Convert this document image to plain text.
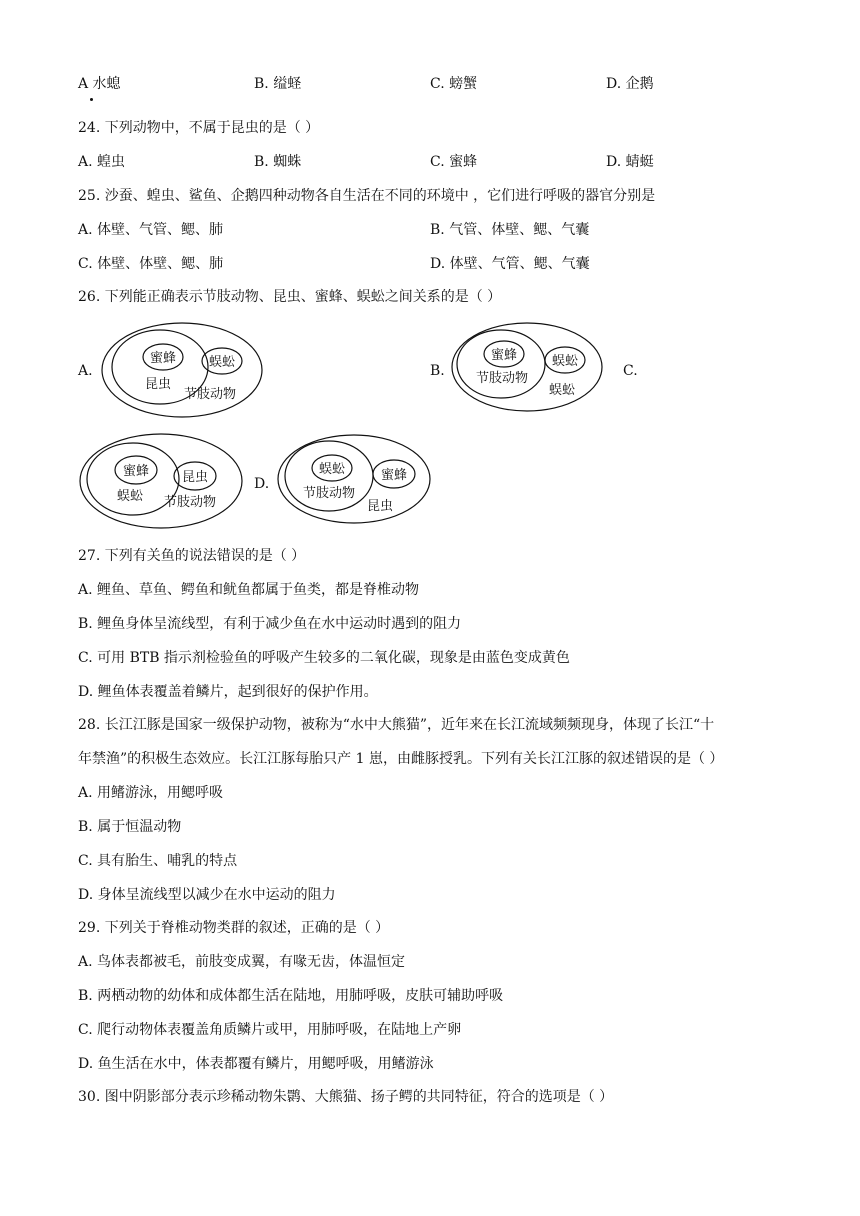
A 水螅	B. 缢蛏	C. 螃蟹	D. 企鹅
24. 下列动物中，不属于昆虫的是（ ）
A. 蝗虫	B. 蜘蛛	C. 蜜蜂	D. 蜻蜓
25. 沙蚕、蝗虫、鲨鱼、企鹅四种动物各自生活在不同的环境中 ，它们进行呼吸的器官分别是
A. 体壁、气管、鳃、肺	B. 气管、体壁、鳃、气囊
C. 体壁、体壁、鳃、肺	D. 体壁、气管、鳃、气囊
26. 下列能正确表示节肢动物、昆虫、蜜蜂、蜈蚣之间关系的是（ ）
A.
蜜蜂
昆虫
蜈蚣
节肢动物
B.
蜜蜂
节肢动物
蜈蚣
蜈蚣
C.
蜜蜂
蜈蚣
昆虫
节肢动物
D.
蜈蚣
节肢动物
蜜蜂
昆虫
27. 下列有关鱼的说法错误的是（ ）
A. 鲤鱼、草鱼、鳄鱼和鱿鱼都属于鱼类，都是脊椎动物
B. 鲤鱼身体呈流线型，有利于减少鱼在水中运动时遇到的阻力
C. 可用 BTB 指示剂检验鱼的呼吸产生较多的二氧化碳，现象是由蓝色变成黄色
D. 鲤鱼体表覆盖着鳞片，起到很好的保护作用。
28. 长江江豚是国家一级保护动物，被称为“水中大熊猫”，近年来在长江流域频频现身，体现了长江“十
年禁渔”的积极生态效应。长江江豚每胎只产 1 崽，由雌豚授乳。下列有关长江江豚的叙述错误的是（ ）
A. 用鳍游泳，用鳃呼吸
B. 属于恒温动物
C. 具有胎生、哺乳的特点
D. 身体呈流线型以减少在水中运动的阻力
29. 下列关于脊椎动物类群的叙述，正确的是（ ）
A. 鸟体表都被毛，前肢变成翼，有喙无齿，体温恒定
B. 两栖动物的幼体和成体都生活在陆地，用肺呼吸，皮肤可辅助呼吸
C. 爬行动物体表覆盖角质鳞片或甲，用肺呼吸，在陆地上产卵
D. 鱼生活在水中，体表都覆有鳞片，用鳃呼吸，用鳍游泳
30. 图中阴影部分表示珍稀动物朱鹮、大熊猫、扬子鳄的共同特征，符合的选项是（ ）
